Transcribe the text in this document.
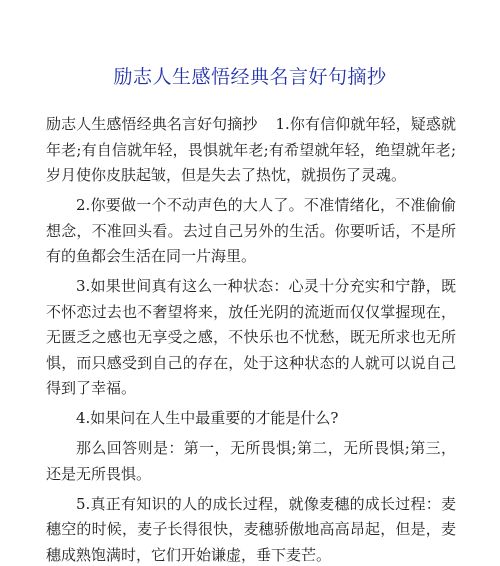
励志人生感悟经典名言好句摘抄

励志人生感悟经典名言好句摘抄 1.你有信仰就年轻，疑惑就年老;有自信就年轻，畏惧就年老;有希望就年轻，绝望就年老;岁月使你皮肤起皱，但是失去了热忱，就损伤了灵魂。

2.你要做一个不动声色的大人了。不准情绪化，不准偷偷想念，不准回头看。去过自己另外的生活。你要听话，不是所有的鱼都会生活在同一片海里。

3.如果世间真有这么一种状态：心灵十分充实和宁静，既不怀恋过去也不奢望将来，放任光阴的流逝而仅仅掌握现在，无匮乏之感也无享受之感，不快乐也不忧愁，既无所求也无所惧，而只感受到自己的存在，处于这种状态的人就可以说自己得到了幸福。

4.如果问在人生中最重要的才能是什么?

那么回答则是：第一，无所畏惧;第二，无所畏惧;第三，还是无所畏惧。

5.真正有知识的人的成长过程，就像麦穗的成长过程：麦穗空的时候，麦子长得很快，麦穗骄傲地高高昂起，但是，麦穗成熟饱满时，它们开始谦虚，垂下麦芒。
